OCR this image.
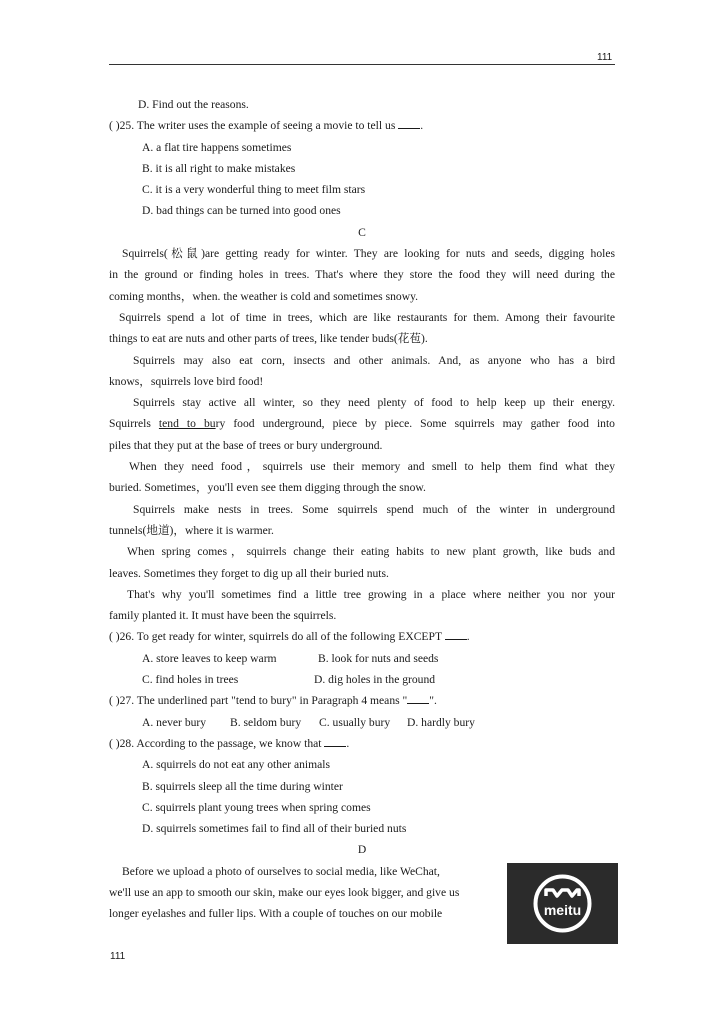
111
D. Find out the reasons.
( )25. The writer uses the example of seeing a movie to tell us .
A. a flat tire happens sometimes
B. it is all right to make mistakes
C. it is a very wonderful thing to meet film stars
D. bad things can be turned into good ones
C
Squirrels(松鼠)are getting ready for winter. They are looking for nuts and seeds, digging holes
in the ground or finding holes in trees. That's where they store the food they will need during the
coming months，when. the weather is cold and sometimes snowy.
Squirrels spend a lot of time in trees, which are like restaurants for them. Among their favourite
things to eat are nuts and other parts of trees, like tender buds(花苞).
Squirrels may also eat corn, insects and other animals. And, as anyone who has a bird
knows，squirrels love bird food!
Squirrels stay active all winter, so they need plenty of food to help keep up their energy.
Squirrels tend to bury food underground, piece by piece. Some squirrels may gather food into
piles that they put at the base of trees or bury underground.
When they need food，squirrels use their memory and smell to help them find what they
buried. Sometimes，you'll even see them digging through the snow.
Squirrels make nests in trees. Some squirrels spend much of the winter in underground
tunnels(地道)，where it is warmer.
When spring comes，squirrels change their eating habits to new plant growth, like buds and
leaves. Sometimes they forget to dig up all their buried nuts.
That's why you'll sometimes find a little tree growing in a place where neither you nor your
family planted it. It must have been the squirrels.
( )26. To get ready for winter, squirrels do all of the following EXCEPT .
A. store leaves to keep warm	B. look for nuts and seeds
C. find holes in trees	D. dig holes in the ground
( )27. The underlined part "tend to bury" in Paragraph 4 means " ".
A. never bury B. seldom bury C. usually bury D. hardly bury
( )28. According to the passage, we know that .
A. squirrels do not eat any other animals
B. squirrels sleep all the time during winter
C. squirrels plant young trees when spring comes
D. squirrels sometimes fail to find all of their buried nuts
D
Before we upload a photo of ourselves to social media, like WeChat,
we'll use an app to smooth our skin, make our eyes look bigger, and give us
longer eyelashes and fuller lips. With a couple of touches on our mobile	meitu
111
